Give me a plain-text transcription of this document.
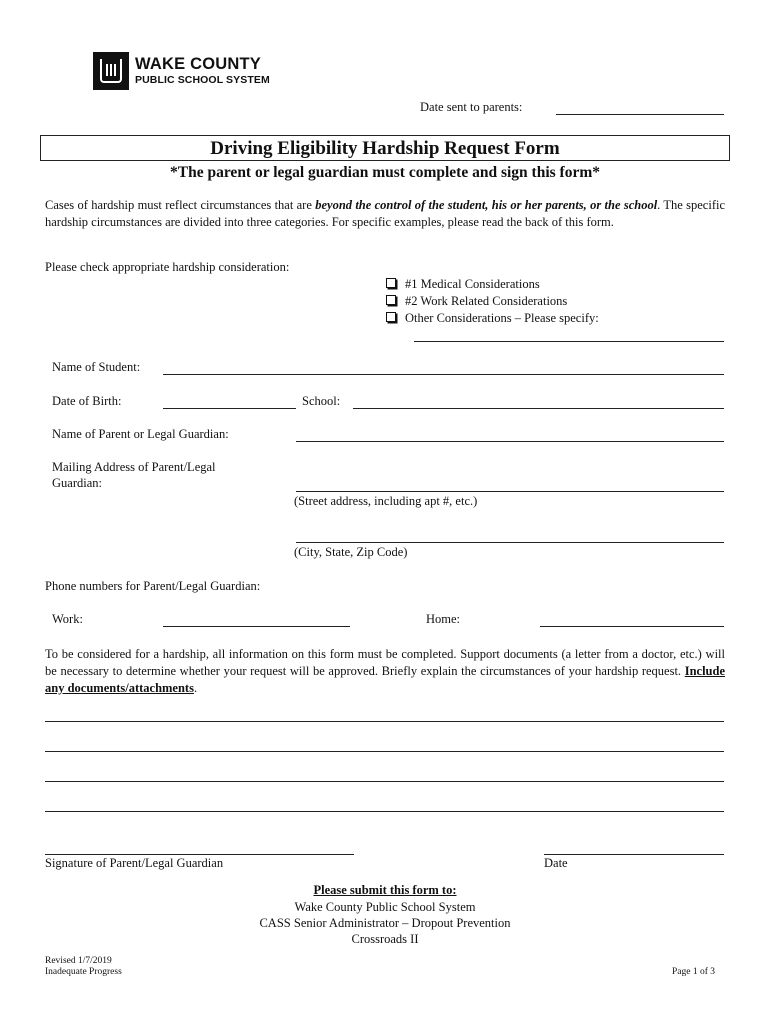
WAKE COUNTY
PUBLIC SCHOOL SYSTEM
Date sent to parents:
Driving Eligibility Hardship Request Form
*The parent or legal guardian must complete and sign this form*
Cases of hardship must reflect circumstances that are beyond the control of the student, his or her parents, or the school. The specific hardship circumstances are divided into three categories. For specific examples, please read the back of this form.
Please check appropriate hardship consideration:
#1 Medical Considerations
#2 Work Related Considerations
Other Considerations – Please specify:
Name of Student:
Date of Birth:	School:
Name of Parent or Legal Guardian:
Mailing Address of Parent/Legal
Guardian:
(Street address, including apt #, etc.)
(City, State, Zip Code)
Phone numbers for Parent/Legal Guardian:
Work:	Home:
To be considered for a hardship, all information on this form must be completed. Support documents (a letter from a doctor, etc.) will be necessary to determine whether your request will be approved. Briefly explain the circumstances of your hardship request. Include any documents/attachments.
Signature of Parent/Legal Guardian	Date
Please submit this form to:
Wake County Public School System
CASS Senior Administrator – Dropout Prevention
Crossroads II
Revised 1/7/2019
Inadequate Progress	Page 1 of 3
